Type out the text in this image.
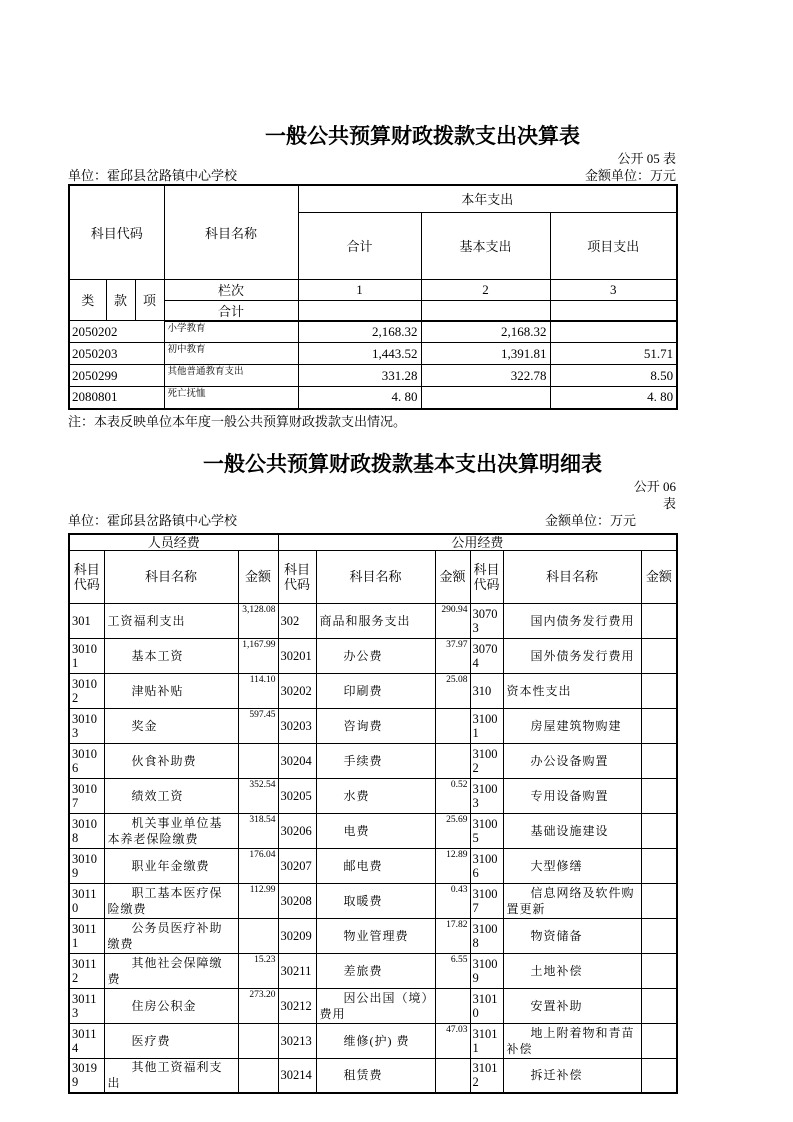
一般公共预算财政拨款支出决算表
公开 05 表
单位：霍邱县岔路镇中心学校	金额单位：万元
科目代码			科目名称	本年支出		
				合计	基本支出	项目支出
类	款	项	栏次	1	2	3
			合计			
2050202			小学教育	2,168.32	2,168.32	
2050203			初中教育	1,443.52	1,391.81	51.71
2050299			其他普通教育支出	331.28	322.78	8.50
2080801			死亡抚恤	4. 80		4. 80
注：本表反映单位本年度一般公共预算财政拨款支出情况。
一般公共预算财政拨款基本支出决算明细表
公开 06
表
单位：霍邱县岔路镇中心学校	金额单位：万元
人员经费			公用经费					
科目代码	科目名称	金额	科目代码	科目名称	金额	科目代码	科目名称	金额
301	工资福利支出	3,128.08	302	商品和服务支出	290.94	30703	国内债务发行费用	
30101	基本工资	1,167.99	30201	办公费	37.97	30704	国外债务发行费用	
30102	津贴补贴	114.10	30202	印刷费	25.08	310	资本性支出	
30103	奖金	597.45	30203	咨询费		31001	房屋建筑物购建	
30106	伙食补助费		30204	手续费		31002	办公设备购置	
30107	绩效工资	352.54	30205	水费	0.52	31003	专用设备购置	
30108	机关事业单位基本养老保险缴费	318.54	30206	电费	25.69	31005	基础设施建设	
30109	职业年金缴费	176.04	30207	邮电费	12.89	31006	大型修缮	
30110	职工基本医疗保险缴费	112.99	30208	取暖费	0.43	31007	信息网络及软件购置更新	
30111	公务员医疗补助缴费		30209	物业管理费	17.82	31008	物资储备	
30112	其他社会保障缴费	15.23	30211	差旅费	6.55	31009	土地补偿	
30113	住房公积金	273.20	30212	因公出国（境）费用		31010	安置补助	
30114	医疗费		30213	维修(护) 费	47.03	31011	地上附着物和青苗补偿	
30199	其他工资福利支出		30214	租赁费		31012	拆迁补偿	
